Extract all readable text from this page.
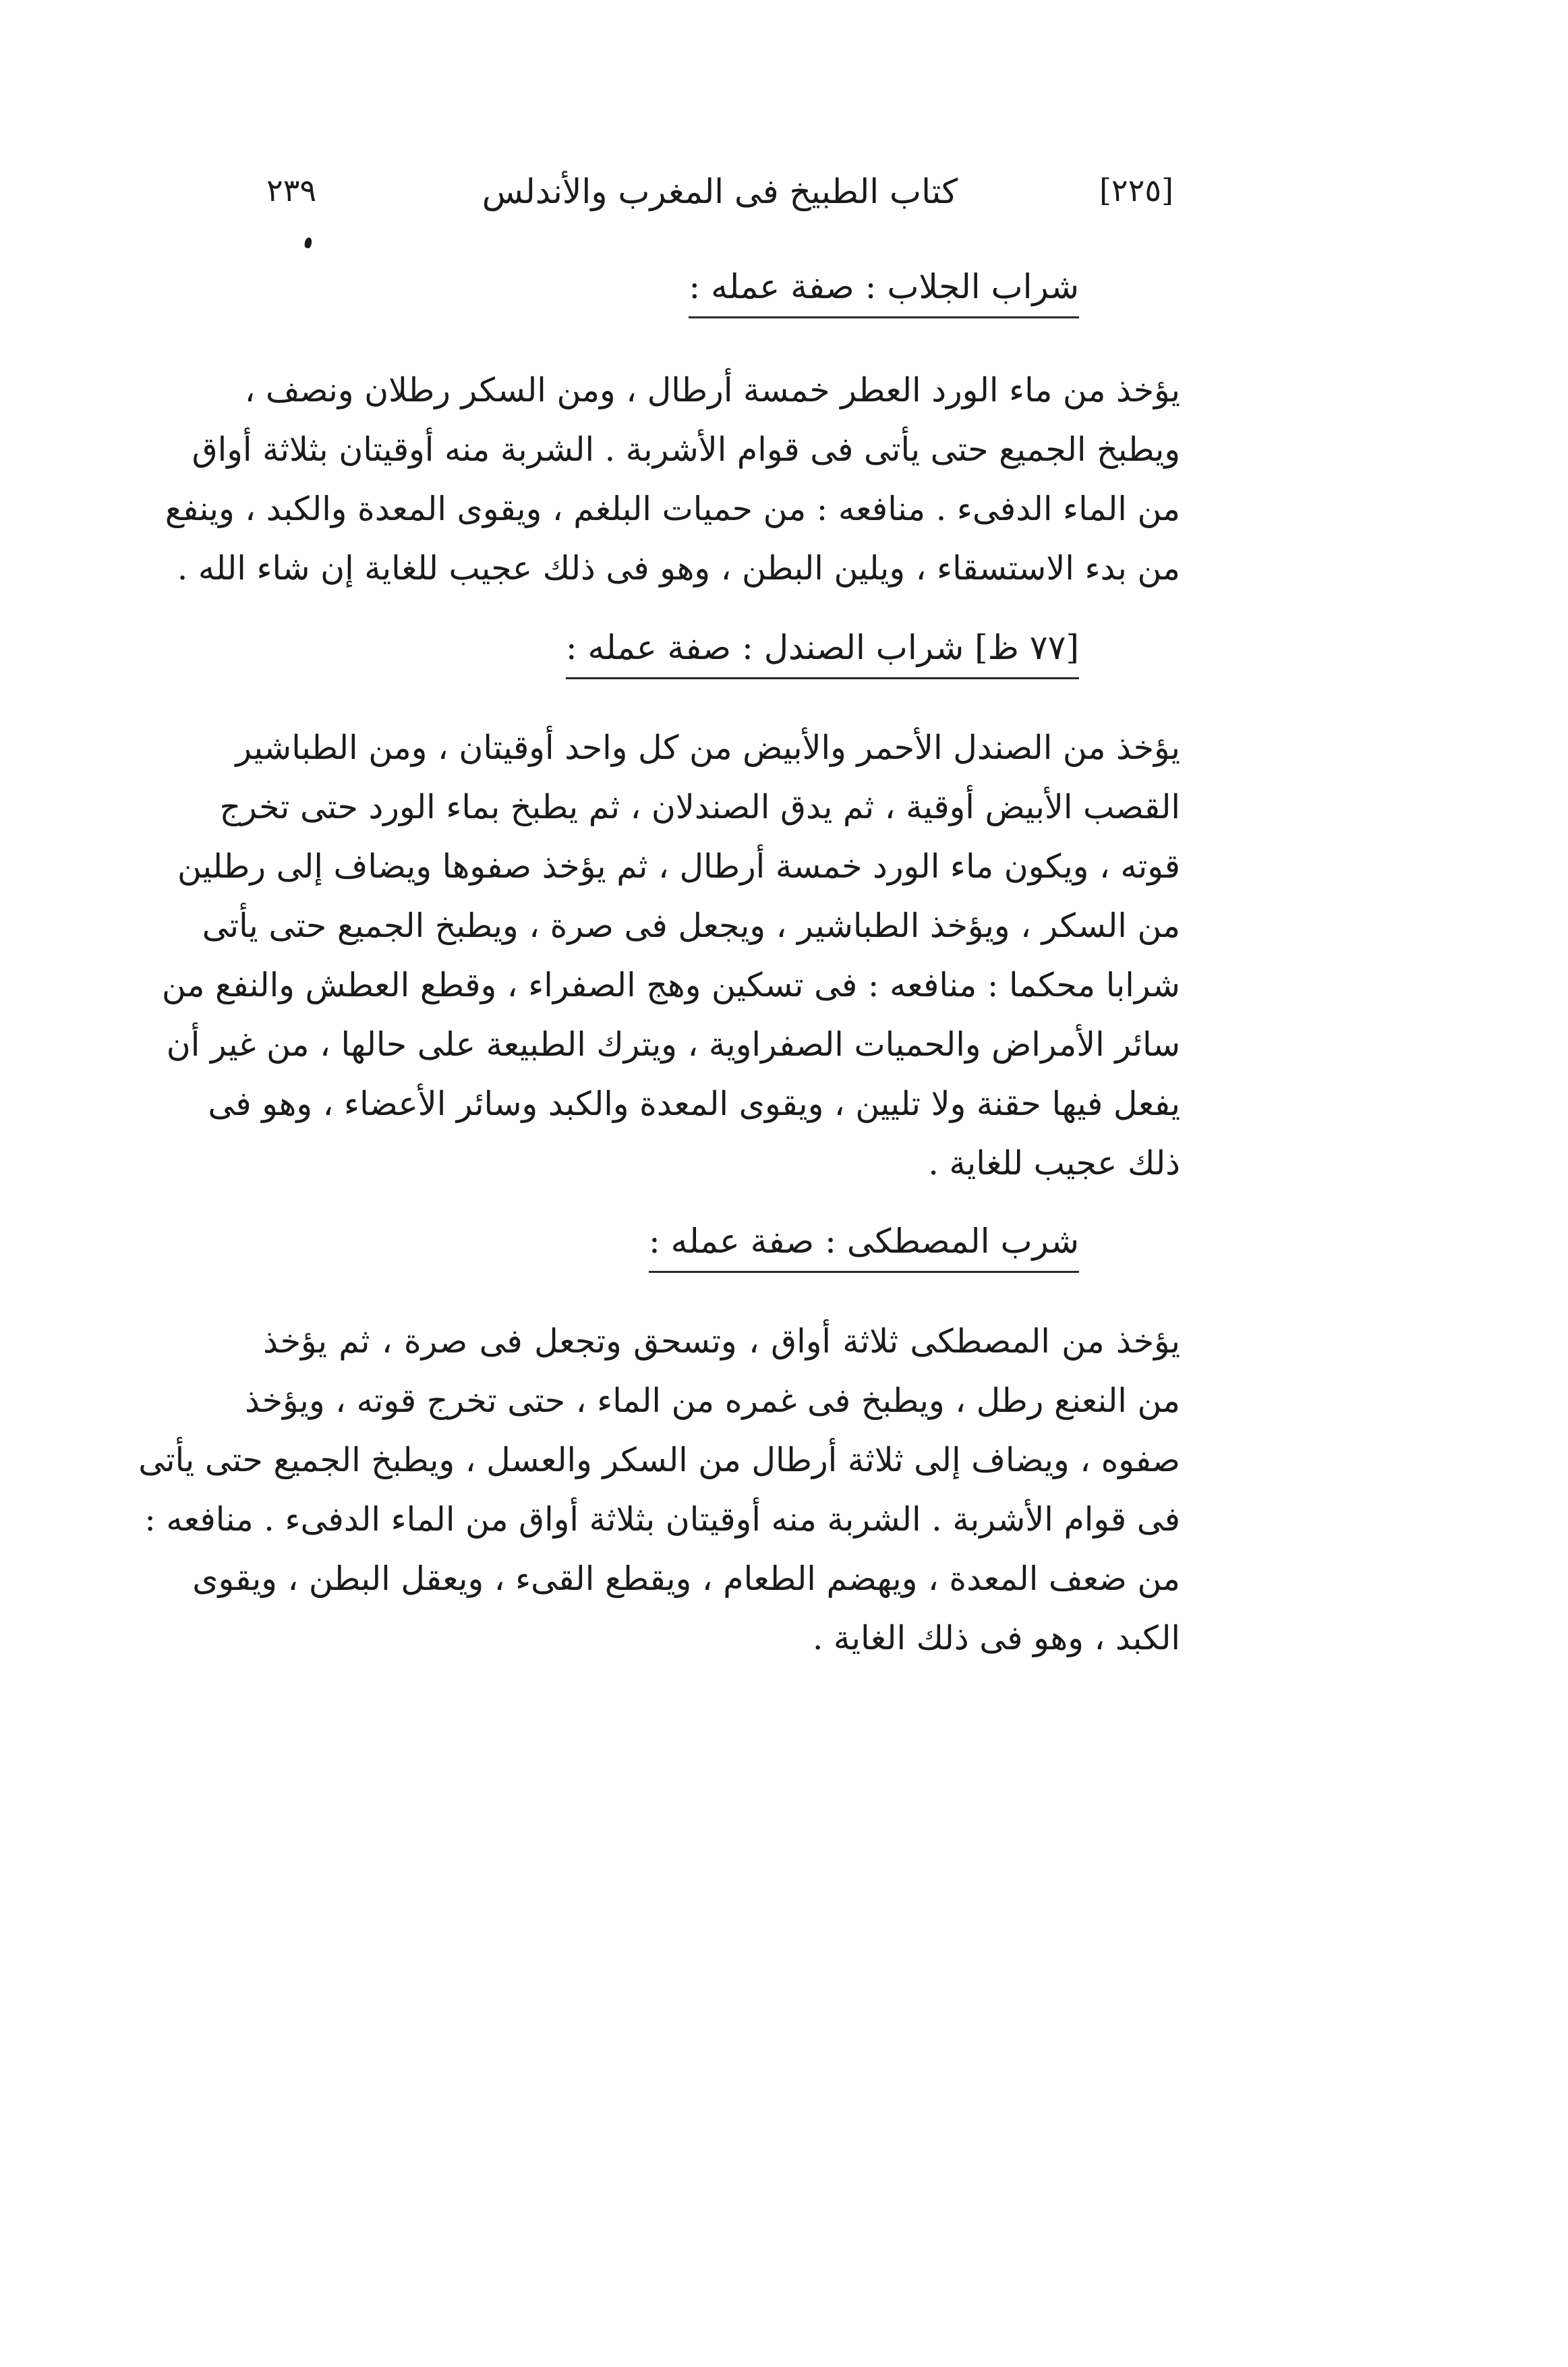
[٢٢٥]
كتاب الطبيخ فى المغرب والأندلس
٢٣٩
شراب الجلاب : صفة عمله :
يؤخذ من ماء الورد العطر خمسة أرطال ، ومن السكر رطلان ونصف ،
ويطبخ الجميع حتى يأتى فى قوام الأشربة . الشربة منه أوقيتان بثلاثة أواق
من الماء الدفىء . منافعه : من حميات البلغم ، ويقوى المعدة والكبد ، وينفع
من بدء الاستسقاء ، ويلين البطن ، وهو فى ذلك عجيب للغاية إن شاء الله .
[٧٧ ظ] شراب الصندل : صفة عمله :
يؤخذ من الصندل الأحمر والأبيض من كل واحد أوقيتان ، ومن الطباشير
القصب الأبيض أوقية ، ثم يدق الصندلان ، ثم يطبخ بماء الورد حتى تخرج
قوته ، ويكون ماء الورد خمسة أرطال ، ثم يؤخذ صفوها ويضاف إلى رطلين
من السكر ، ويؤخذ الطباشير ، ويجعل فى صرة ، ويطبخ الجميع حتى يأتى
شرابا محكما : منافعه : فى تسكين وهج الصفراء ، وقطع العطش والنفع من
سائر الأمراض والحميات الصفراوية ، ويترك الطبيعة على حالها ، من غير أن
يفعل فيها حقنة ولا تليين ، ويقوى المعدة والكبد وسائر الأعضاء ، وهو فى
ذلك عجيب للغاية .
شرب المصطكى : صفة عمله :
يؤخذ من المصطكى ثلاثة أواق ، وتسحق وتجعل فى صرة ، ثم يؤخذ
من النعنع رطل ، ويطبخ فى غمره من الماء ، حتى تخرج قوته ، ويؤخذ
صفوه ، ويضاف إلى ثلاثة أرطال من السكر والعسل ، ويطبخ الجميع حتى يأتى
فى قوام الأشربة . الشربة منه أوقيتان بثلاثة أواق من الماء الدفىء . منافعه :
من ضعف المعدة ، ويهضم الطعام ، ويقطع القىء ، ويعقل البطن ، ويقوى
الكبد ، وهو فى ذلك الغاية .
